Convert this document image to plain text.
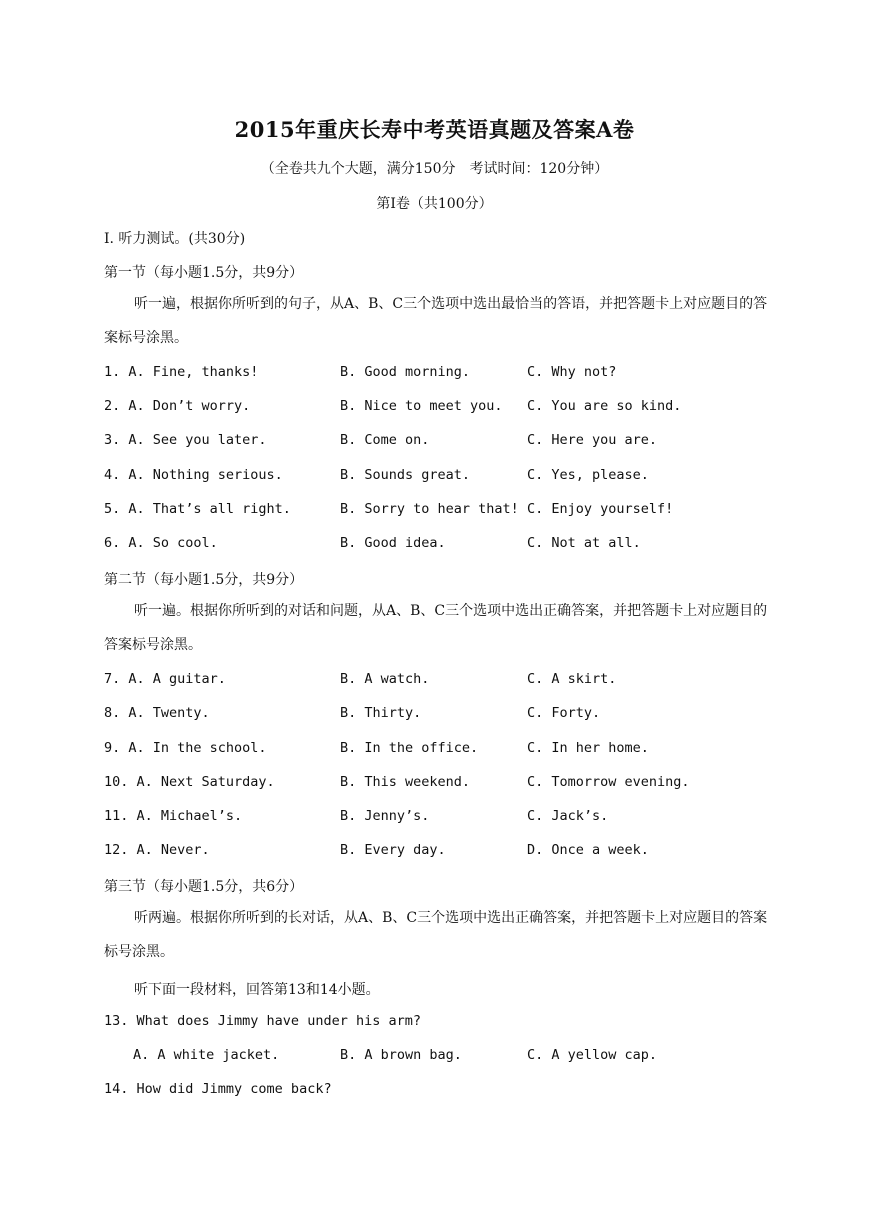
2015年重庆长寿中考英语真题及答案A卷
（全卷共九个大题，满分150分　考试时间：120分钟）
第Ⅰ卷（共100分）
I. 听力测试。(共30分)
第一节（每小题1.5分，共9分）
听一遍，根据你所听到的句子，从A、B、C三个选项中选出最恰当的答语，并把答题卡上对应题目的答案标号涂黑。
1. A. Fine, thanks!	B. Good morning.	C. Why not?
2. A. Don’t worry.	B. Nice to meet you. C. You are so kind.
3. A. See you later.	B. Come on.	C. Here you are.
4. A. Nothing serious.	B. Sounds great.	C. Yes, please.
5. A. That’s all right.	B. Sorry to hear that! C. Enjoy yourself!
6. A. So cool.	B. Good idea.	C. Not at all.
第二节（每小题1.5分，共9分）
听一遍。根据你所听到的对话和问题，从A、B、C三个选项中选出正确答案，并把答题卡上对应题目的答案标号涂黑。
7. A. A guitar.	B. A watch.	C. A skirt.
8. A. Twenty.	B. Thirty.	C. Forty.
9. A. In the school.	B. In the office.	C. In her home.
10. A. Next Saturday.	B. This weekend.	C. Tomorrow evening.
11. A. Michael’s.	B. Jenny’s.	C. Jack’s.
12. A. Never.	B. Every day.	D. Once a week.
第三节（每小题1.5分，共6分）
听两遍。根据你所听到的长对话，从A、B、C三个选项中选出正确答案，并把答题卡上对应题目的答案标号涂黑。
听下面一段材料，回答第13和14小题。
13. What does Jimmy have under his arm?
A. A white jacket.	B. A brown bag.	C. A yellow cap.
14. How did Jimmy come back?
